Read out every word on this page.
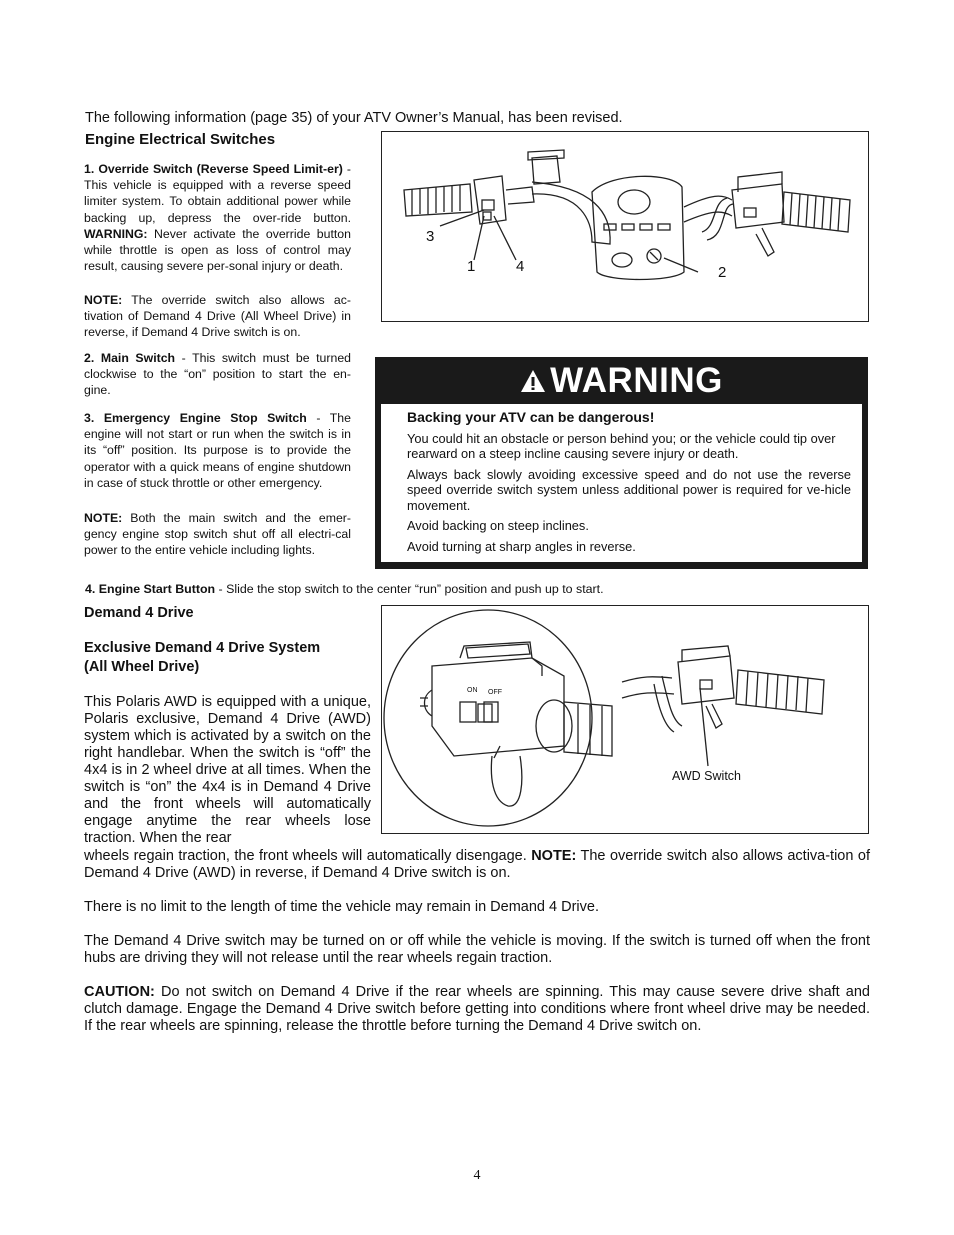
The following information (page 35) of your ATV Owner’s Manual, has been revised.

Engine Electrical Switches

1. Override Switch (Reverse Speed Limit-er) - This vehicle is equipped with a reverse speed limiter system. To obtain additional power while backing up, depress the over-ride button. WARNING: Never activate the override button while throttle is open as loss of control may result, causing severe per-sonal injury or death.

NOTE: The override switch also allows ac-tivation of Demand 4 Drive (All Wheel Drive) in reverse, if Demand 4 Drive switch is on.

2. Main Switch - This switch must be turned clockwise to the “on” position to start the en-gine.

3. Emergency Engine Stop Switch - The engine will not start or run when the switch is in its “off” position. Its purpose is to provide the operator with a quick means of engine shutdown in case of stuck throttle or other emergency.

NOTE: Both the main switch and the emer-gency engine stop switch shut off all electri-cal power to the entire vehicle including lights.

3
1	4	2
WARNING
Backing your ATV can be dangerous!

You could hit an obstacle or person behind you; or the vehicle could tip over rearward on a steep incline causing severe injury or death.

Always back slowly avoiding excessive speed and do not use the reverse speed override switch system unless additional power is required for ve-hicle movement.

Avoid backing on steep inclines.

Avoid turning at sharp angles in reverse.

4. Engine Start Button - Slide the stop switch to the center “run” position and push up to start.

Demand 4 Drive

Exclusive Demand 4 Drive System

(All Wheel Drive)

This Polaris AWD is equipped with a unique, Polaris exclusive, Demand 4 Drive (AWD) system which is activated by a switch on the right handlebar. When the switch is “off” the 4x4 is in 2 wheel drive at all times. When the switch is “on” the 4x4 is in Demand 4 Drive and the front wheels will automatically engage anytime the rear wheels lose traction. When the rear

ON OFF
AWD Switch

wheels regain traction, the front wheels will automatically disengage. NOTE: The override switch also allows activa-tion of Demand 4 Drive (AWD) in reverse, if Demand 4 Drive switch is on.

There is no limit to the length of time the vehicle may remain in Demand 4 Drive.

The Demand 4 Drive switch may be turned on or off while the vehicle is moving. If the switch is turned off when the front hubs are driving they will not release until the rear wheels regain traction.

CAUTION: Do not switch on Demand 4 Drive if the rear wheels are spinning. This may cause severe drive shaft and clutch damage. Engage the Demand 4 Drive switch before getting into conditions where front wheel drive may be needed. If the rear wheels are spinning, release the throttle before turning the Demand 4 Drive switch on.

4
